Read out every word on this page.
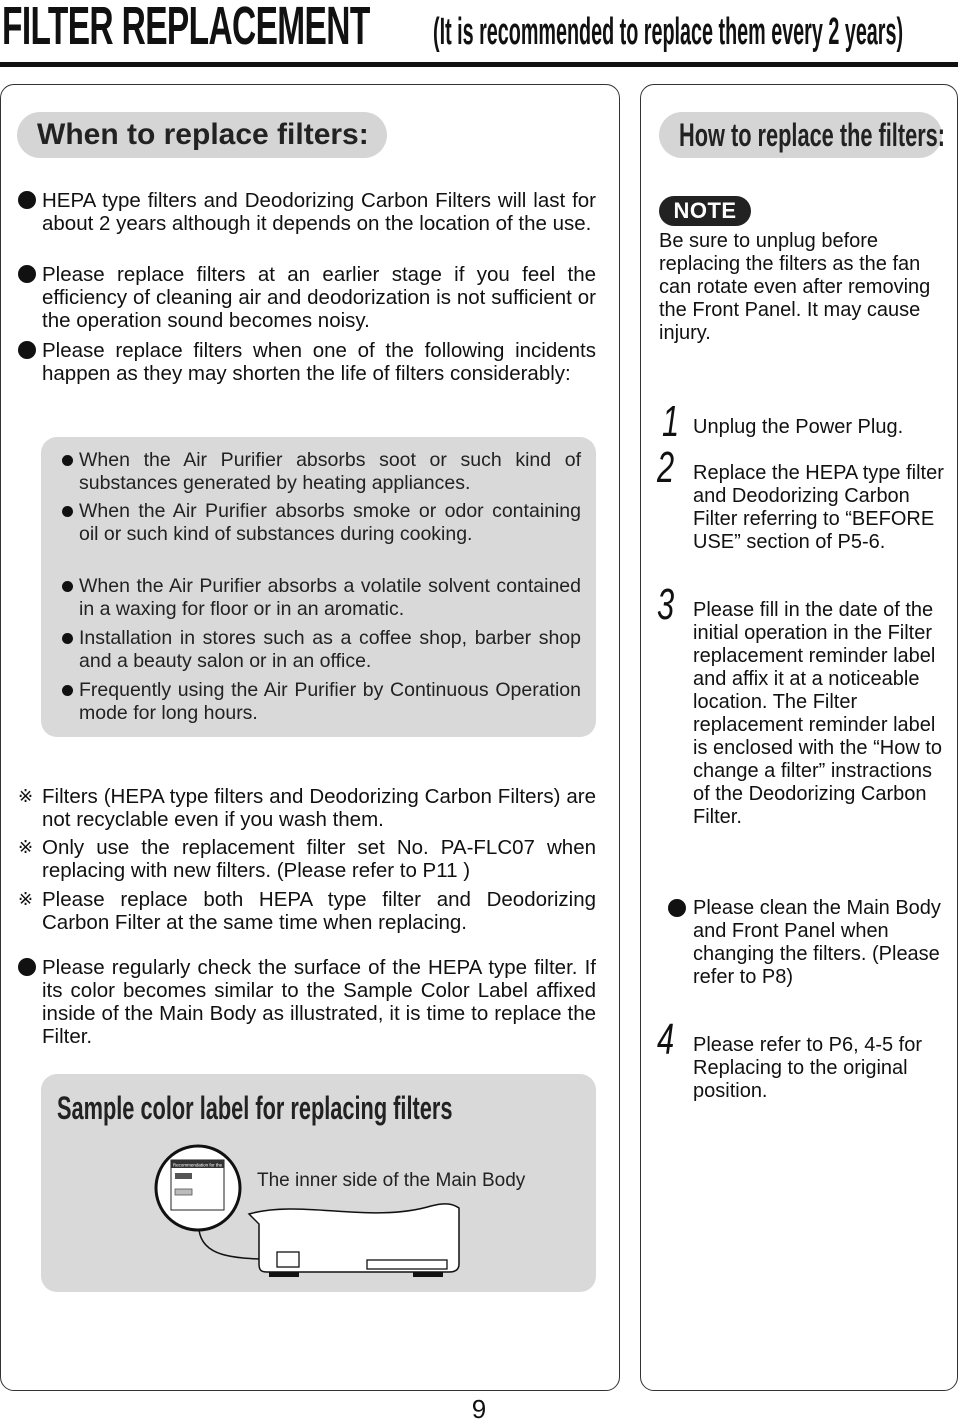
FILTER REPLACEMENT (It is recommended to replace them every 2 years)
When to replace filters:
HEPA type filters and Deodorizing Carbon Filters will last for about 2 years although it depends on the location of the use.
Please replace filters at an earlier stage if you feel the efficiency of cleaning air and deodorization is not sufficient or the operation sound becomes noisy.
Please replace filters when one of the following incidents happen as they may shorten the life of filters considerably:
When the Air Purifier absorbs soot or such kind of substances generated by heating appliances.
When the Air Purifier absorbs smoke or odor containing oil or such kind of substances during cooking.
When the Air Purifier absorbs a volatile solvent contained in a waxing for floor or in an aromatic.
Installation in stores such as a coffee shop, barber shop and a beauty salon or in an office.
Frequently using the Air Purifier by Continuous Operation mode for long hours.
※ Filters (HEPA type filters and Deodorizing Carbon Filters) are not recyclable even if you wash them.
※ Only use the replacement filter set No. PA-FLC07 when replacing with new filters. (Please refer to P11 )
※ Please replace both HEPA type filter and Deodorizing Carbon Filter at the same time when replacing.
Please regularly check the surface of the HEPA type filter. If its color becomes similar to the Sample Color Label affixed inside of the Main Body as illustrated, it is time to replace the Filter.
Sample color label for replacing filters
The inner side of the Main Body
Recommendation for the
How to replace the filters:
NOTE
Be sure to unplug before replacing the filters as the fan can rotate even after removing the Front Panel. It may cause injury.
1 Unplug the Power Plug.
2 Replace the HEPA type filter and Deodorizing Carbon Filter referring to “BEFORE USE” section of P5-6.
3 Please fill in the date of the initial operation in the Filter replacement reminder label and affix it at a noticeable location. The Filter replacement reminder label is enclosed with the “How to change a filter” instractions of the Deodorizing Carbon Filter.
Please clean the Main Body and Front Panel when changing the filters. (Please refer to P8)
4 Please refer to P6, 4-5 for Replacing to the original position.
9
